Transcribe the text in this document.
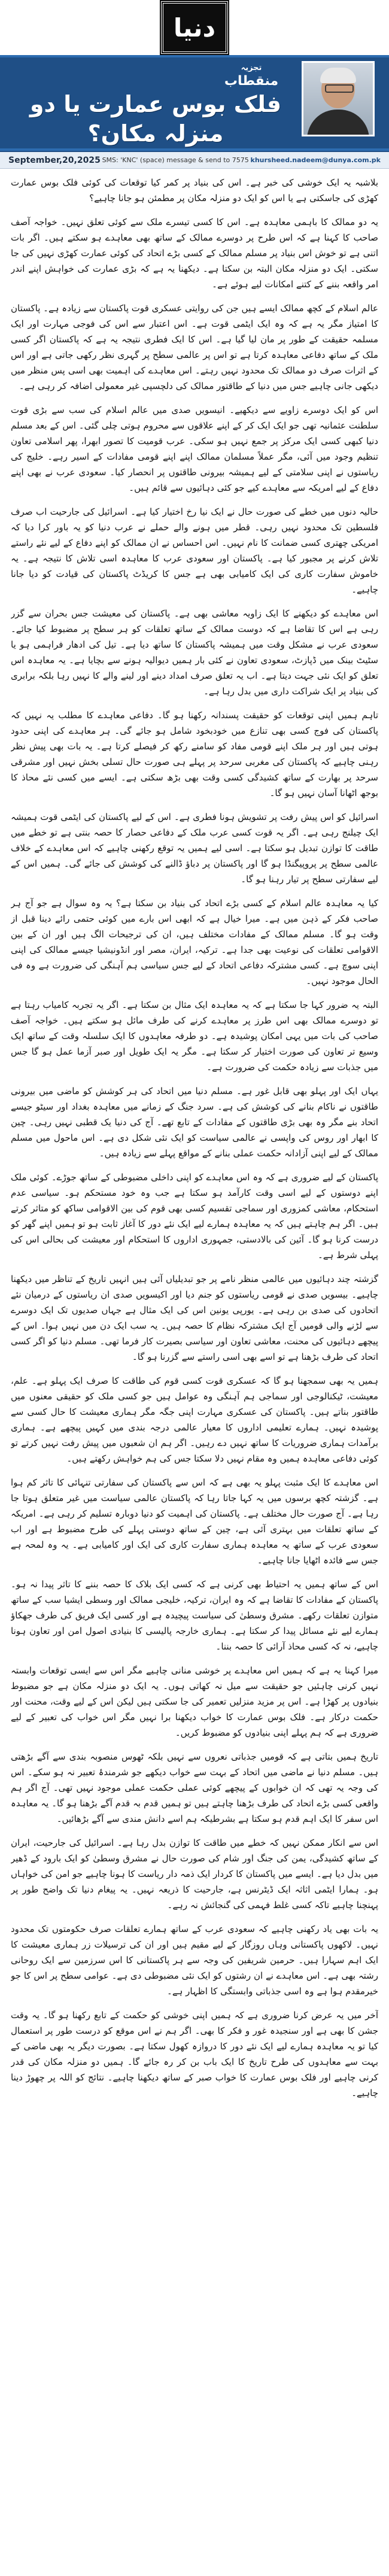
دنیا
تجزیہ
منقطاب
فلک بوس عمارت یا دو منزلہ مکان؟
September,20,2025 SMS: 'KNC' (space) message & send to 7575 khursheed.nadeem@dunya.com.pk

بلاشبہ یہ ایک خوشی کی خبر ہے۔ اس کی بنیاد پر کمر کیا توقعات کی کوئی فلک بوس عمارت کھڑی کی جاسکتی ہے یا اس کو ایک دو منزلہ مکان پر مطمئن ہو جانا چاہیے؟

یہ دو ممالک کا باہمی معاہدہ ہے۔ اس کا کسی تیسرے ملک سے کوئی تعلق نہیں۔ خواجہ آصف صاحب کا کہنا ہے کہ اس طرح پر دوسرے ممالک کے ساتھ بھی معاہدے ہو سکتے ہیں۔ اگر بات اتنی ہے تو خوش اس بنیاد پر مسلم ممالک کے کسی بڑے اتحاد کی کوئی عمارت کھڑی نہیں کی جا سکتی۔ ایک دو منزلہ مکان البتہ بن سکتا ہے۔ دیکھنا یہ ہے کہ بڑی عمارت کی خواہش اپنے اندر امر واقعہ بننے کے کتنے امکانات لیے ہوئے ہے۔

عالم اسلام کے کچھ ممالک ایسے ہیں جن کی روایتی عسکری قوت پاکستان سے زیادہ ہے۔ پاکستان کا امتیاز مگر یہ ہے کہ وہ ایک ایٹمی قوت ہے۔ اس اعتبار سے اس کی فوجی مہارت اور ایک مسلمہ حقیقت کے طور پر مان لیا گیا ہے۔ اس کا ایک فطری نتیجہ یہ ہے کہ پاکستان اگر کسی ملک کے ساتھ دفاعی معاہدہ کرتا ہے تو اس پر عالمی سطح پر گہری نظر رکھی جاتی ہے اور اس کے اثرات صرف دو ممالک تک محدود نہیں رہتے۔ اس معاہدے کی اہمیت بھی اسی پس منظر میں دیکھی جانی چاہیے جس میں دنیا کے طاقتور ممالک کی دلچسپی غیر معمولی اضافہ کر رہی ہے۔

اس کو ایک دوسرے زاویے سے دیکھیے۔ انیسویں صدی میں عالم اسلام کی سب سے بڑی قوت سلطنت عثمانیہ تھی جو ایک ایک کر کے اپنے علاقوں سے محروم ہوتی چلی گئی۔ اس کے بعد مسلم دنیا کبھی کسی ایک مرکز پر جمع نہیں ہو سکی۔ عرب قومیت کا تصور ابھرا، پھر اسلامی تعاون تنظیم وجود میں آئی، مگر عملاً مسلمان ممالک اپنے اپنے قومی مفادات کے اسیر رہے۔ خلیج کی ریاستوں نے اپنی سلامتی کے لیے ہمیشہ بیرونی طاقتوں پر انحصار کیا۔ سعودی عرب نے بھی اپنے دفاع کے لیے امریکہ سے معاہدے کیے جو کئی دہائیوں سے قائم ہیں۔

حالیہ دنوں میں خطے کی صورت حال نے ایک نیا رخ اختیار کیا ہے۔ اسرائیل کی جارحیت اب صرف فلسطین تک محدود نہیں رہی۔ قطر میں ہونے والے حملے نے عرب دنیا کو یہ باور کرا دیا کہ امریکی چھتری کسی ضمانت کا نام نہیں۔ اس احساس نے ان ممالک کو اپنے دفاع کے لیے نئے راستے تلاش کرنے پر مجبور کیا ہے۔ پاکستان اور سعودی عرب کا معاہدہ اسی تلاش کا نتیجہ ہے۔ یہ خاموش سفارت کاری کی ایک کامیابی بھی ہے جس کا کریڈٹ پاکستان کی قیادت کو دیا جانا چاہیے۔

اس معاہدے کو دیکھنے کا ایک زاویہ معاشی بھی ہے۔ پاکستان کی معیشت جس بحران سے گزر رہی ہے اس کا تقاضا ہے کہ دوست ممالک کے ساتھ تعلقات کو ہر سطح پر مضبوط کیا جائے۔ سعودی عرب نے مشکل وقت میں ہمیشہ پاکستان کا ساتھ دیا ہے۔ تیل کی ادھار فراہمی ہو یا سٹیٹ بینک میں ڈپازٹ، سعودی تعاون نے کئی بار ہمیں دیوالیہ ہونے سے بچایا ہے۔ یہ معاہدہ اس تعلق کو ایک نئی جہت دیتا ہے۔ اب یہ تعلق صرف امداد دینے اور لینے والے کا نہیں رہا بلکہ برابری کی بنیاد پر ایک شراکت داری میں بدل رہا ہے۔

تاہم ہمیں اپنی توقعات کو حقیقت پسندانہ رکھنا ہو گا۔ دفاعی معاہدے کا مطلب یہ نہیں کہ پاکستان کی فوج کسی بھی تنازع میں خودبخود شامل ہو جائے گی۔ ہر معاہدے کی اپنی حدود ہوتی ہیں اور ہر ملک اپنے قومی مفاد کو سامنے رکھ کر فیصلے کرتا ہے۔ یہ بات بھی پیش نظر رہنی چاہیے کہ پاکستان کی مغربی سرحد پر پہلے ہی صورت حال تسلی بخش نہیں اور مشرقی سرحد پر بھارت کے ساتھ کشیدگی کسی وقت بھی بڑھ سکتی ہے۔ ایسے میں کسی نئے محاذ کا بوجھ اٹھانا آسان نہیں ہو گا۔

اسرائیل کو اس پیش رفت پر تشویش ہونا فطری ہے۔ اس کے لیے پاکستان کی ایٹمی قوت ہمیشہ ایک چیلنج رہی ہے۔ اگر یہ قوت کسی عرب ملک کے دفاعی حصار کا حصہ بنتی ہے تو خطے میں طاقت کا توازن تبدیل ہو سکتا ہے۔ اسی لیے ہمیں یہ توقع رکھنی چاہیے کہ اس معاہدے کے خلاف عالمی سطح پر پروپیگنڈا ہو گا اور پاکستان پر دباؤ ڈالنے کی کوشش کی جائے گی۔ ہمیں اس کے لیے سفارتی سطح پر تیار رہنا ہو گا۔

کیا یہ معاہدہ عالم اسلام کے کسی بڑے اتحاد کی بنیاد بن سکتا ہے؟ یہ وہ سوال ہے جو آج ہر صاحب فکر کے ذہن میں ہے۔ میرا خیال ہے کہ ابھی اس بارے میں کوئی حتمی رائے دینا قبل از وقت ہو گا۔ مسلم ممالک کے مفادات مختلف ہیں، ان کی ترجیحات الگ ہیں اور ان کے بین الاقوامی تعلقات کی نوعیت بھی جدا ہے۔ ترکیہ، ایران، مصر اور انڈونیشیا جیسے ممالک کی اپنی اپنی سوچ ہے۔ کسی مشترکہ دفاعی اتحاد کے لیے جس سیاسی ہم آہنگی کی ضرورت ہے وہ فی الحال موجود نہیں۔

البتہ یہ ضرور کہا جا سکتا ہے کہ یہ معاہدہ ایک مثال بن سکتا ہے۔ اگر یہ تجربہ کامیاب رہتا ہے تو دوسرے ممالک بھی اس طرز پر معاہدے کرنے کی طرف مائل ہو سکتے ہیں۔ خواجہ آصف صاحب کی بات میں یہی امکان پوشیدہ ہے۔ دو طرفہ معاہدوں کا ایک سلسلہ وقت کے ساتھ ایک وسیع تر تعاون کی صورت اختیار کر سکتا ہے۔ مگر یہ ایک طویل اور صبر آزما عمل ہو گا جس میں جذبات سے زیادہ حکمت کی ضرورت ہے۔

یہاں ایک اور پہلو بھی قابل غور ہے۔ مسلم دنیا میں اتحاد کی ہر کوشش کو ماضی میں بیرونی طاقتوں نے ناکام بنانے کی کوشش کی ہے۔ سرد جنگ کے زمانے میں معاہدہ بغداد اور سیٹو جیسے اتحاد بنے مگر وہ بھی بڑی طاقتوں کے مفادات کے تابع تھے۔ آج کی دنیا یک قطبی نہیں رہی۔ چین کا ابھار اور روس کی واپسی نے عالمی سیاست کو ایک نئی شکل دی ہے۔ اس ماحول میں مسلم ممالک کے لیے اپنی آزادانہ حکمت عملی بنانے کے مواقع پہلے سے زیادہ ہیں۔

پاکستان کے لیے ضروری ہے کہ وہ اس معاہدے کو اپنی داخلی مضبوطی کے ساتھ جوڑے۔ کوئی ملک اپنے دوستوں کے لیے اسی وقت کارآمد ہو سکتا ہے جب وہ خود مستحکم ہو۔ سیاسی عدم استحکام، معاشی کمزوری اور سماجی تقسیم کسی بھی قوم کی بین الاقوامی ساکھ کو متاثر کرتے ہیں۔ اگر ہم چاہتے ہیں کہ یہ معاہدہ ہمارے لیے ایک نئے دور کا آغاز ثابت ہو تو ہمیں اپنے گھر کو درست کرنا ہو گا۔ آئین کی بالادستی، جمہوری اداروں کا استحکام اور معیشت کی بحالی اس کی پہلی شرط ہے۔

گزشتہ چند دہائیوں میں عالمی منظر نامے پر جو تبدیلیاں آئی ہیں انہیں تاریخ کے تناظر میں دیکھنا چاہیے۔ بیسویں صدی نے قومی ریاستوں کو جنم دیا اور اکیسویں صدی ان ریاستوں کے درمیان نئے اتحادوں کی صدی بن رہی ہے۔ یورپی یونین اس کی ایک مثال ہے جہاں صدیوں تک ایک دوسرے سے لڑنے والی قومیں آج ایک مشترکہ نظام کا حصہ ہیں۔ یہ سب ایک دن میں نہیں ہوا۔ اس کے پیچھے دہائیوں کی محنت، معاشی تعاون اور سیاسی بصیرت کار فرما تھی۔ مسلم دنیا کو اگر کسی اتحاد کی طرف بڑھنا ہے تو اسے بھی اسی راستے سے گزرنا ہو گا۔

ہمیں یہ بھی سمجھنا ہو گا کہ عسکری قوت کسی قوم کی طاقت کا صرف ایک پہلو ہے۔ علم، معیشت، ٹیکنالوجی اور سماجی ہم آہنگی وہ عوامل ہیں جو کسی ملک کو حقیقی معنوں میں طاقتور بناتے ہیں۔ پاکستان کی عسکری مہارت اپنی جگہ مگر ہماری معیشت کا حال کسی سے پوشیدہ نہیں۔ ہمارے تعلیمی اداروں کا معیار عالمی درجہ بندی میں کہیں پیچھے ہے۔ ہماری برآمدات ہماری ضروریات کا ساتھ نہیں دے رہیں۔ اگر ہم ان شعبوں میں پیش رفت نہیں کرتے تو کوئی دفاعی معاہدہ ہمیں وہ مقام نہیں دلا سکتا جس کی ہم خواہش رکھتے ہیں۔

اس معاہدے کا ایک مثبت پہلو یہ بھی ہے کہ اس سے پاکستان کی سفارتی تنہائی کا تاثر کم ہوا ہے۔ گزشتہ کچھ برسوں میں یہ کہا جاتا رہا کہ پاکستان عالمی سیاست میں غیر متعلق ہوتا جا رہا ہے۔ آج صورت حال مختلف ہے۔ پاکستان کی اہمیت کو دنیا دوبارہ تسلیم کر رہی ہے۔ امریکہ کے ساتھ تعلقات میں بہتری آئی ہے، چین کے ساتھ دوستی پہلے کی طرح مضبوط ہے اور اب سعودی عرب کے ساتھ یہ معاہدہ ہماری سفارت کاری کی ایک اور کامیابی ہے۔ یہ وہ لمحہ ہے جس سے فائدہ اٹھایا جانا چاہیے۔

اس کے ساتھ ہمیں یہ احتیاط بھی کرنی ہے کہ کسی ایک بلاک کا حصہ بننے کا تاثر پیدا نہ ہو۔ پاکستان کے مفادات کا تقاضا ہے کہ وہ ایران، ترکیہ، خلیجی ممالک اور وسطی ایشیا سب کے ساتھ متوازن تعلقات رکھے۔ مشرق وسطیٰ کی سیاست پیچیدہ ہے اور کسی ایک فریق کی طرف جھکاؤ ہمارے لیے نئے مسائل پیدا کر سکتا ہے۔ ہماری خارجہ پالیسی کا بنیادی اصول امن اور تعاون ہونا چاہیے، نہ کہ کسی محاذ آرائی کا حصہ بننا۔

میرا کہنا یہ ہے کہ ہمیں اس معاہدے پر خوشی منانی چاہیے مگر اس سے ایسی توقعات وابستہ نہیں کرنی چاہئیں جو حقیقت سے میل نہ کھاتی ہوں۔ یہ ایک دو منزلہ مکان ہے جو مضبوط بنیادوں پر کھڑا ہے۔ اس پر مزید منزلیں تعمیر کی جا سکتی ہیں لیکن اس کے لیے وقت، محنت اور حکمت درکار ہے۔ فلک بوس عمارت کا خواب دیکھنا برا نہیں مگر اس خواب کی تعبیر کے لیے ضروری ہے کہ ہم پہلے اپنی بنیادوں کو مضبوط کریں۔

تاریخ ہمیں بتاتی ہے کہ قومیں جذباتی نعروں سے نہیں بلکہ ٹھوس منصوبہ بندی سے آگے بڑھتی ہیں۔ مسلم دنیا نے ماضی میں اتحاد کے بہت سے خواب دیکھے جو شرمندۂ تعبیر نہ ہو سکے۔ اس کی وجہ یہ تھی کہ ان خوابوں کے پیچھے کوئی عملی حکمت عملی موجود نہیں تھی۔ آج اگر ہم واقعی کسی بڑے اتحاد کی طرف بڑھنا چاہتے ہیں تو ہمیں قدم بہ قدم آگے بڑھنا ہو گا۔ یہ معاہدہ اس سفر کا ایک اہم قدم ہو سکتا ہے بشرطیکہ ہم اسے دانش مندی سے آگے بڑھائیں۔

اس سے انکار ممکن نہیں کہ خطے میں طاقت کا توازن بدل رہا ہے۔ اسرائیل کی جارحیت، ایران کے ساتھ کشیدگی، یمن کی جنگ اور شام کی صورت حال نے مشرق وسطیٰ کو ایک بارود کے ڈھیر میں بدل دیا ہے۔ ایسے میں پاکستان کا کردار ایک ذمہ دار ریاست کا ہونا چاہیے جو امن کی خواہاں ہو۔ ہمارا ایٹمی اثاثہ ایک ڈیٹرنس ہے، جارحیت کا ذریعہ نہیں۔ یہ پیغام دنیا تک واضح طور پر پہنچنا چاہیے تاکہ کسی غلط فہمی کی گنجائش نہ رہے۔

یہ بات بھی یاد رکھنی چاہیے کہ سعودی عرب کے ساتھ ہمارے تعلقات صرف حکومتوں تک محدود نہیں۔ لاکھوں پاکستانی وہاں روزگار کے لیے مقیم ہیں اور ان کی ترسیلات زر ہماری معیشت کا ایک اہم سہارا ہیں۔ حرمین شریفین کی وجہ سے ہر پاکستانی کا اس سرزمین سے ایک روحانی رشتہ بھی ہے۔ اس معاہدے نے ان رشتوں کو ایک نئی مضبوطی دی ہے۔ عوامی سطح پر اس کا جو خیرمقدم ہوا ہے وہ اسی جذباتی وابستگی کا اظہار ہے۔

آخر میں یہ عرض کرنا ضروری ہے کہ ہمیں اپنی خوشی کو حکمت کے تابع رکھنا ہو گا۔ یہ وقت جشن کا بھی ہے اور سنجیدہ غور و فکر کا بھی۔ اگر ہم نے اس موقع کو درست طور پر استعمال کیا تو یہ معاہدہ ہمارے لیے ایک نئے دور کا دروازہ کھول سکتا ہے۔ بصورت دیگر یہ بھی ماضی کے بہت سے معاہدوں کی طرح تاریخ کا ایک باب بن کر رہ جائے گا۔ ہمیں دو منزلہ مکان کی قدر کرنی چاہیے اور فلک بوس عمارت کا خواب صبر کے ساتھ دیکھنا چاہیے۔ نتائج کو اللہ پر چھوڑ دینا چاہیے۔
